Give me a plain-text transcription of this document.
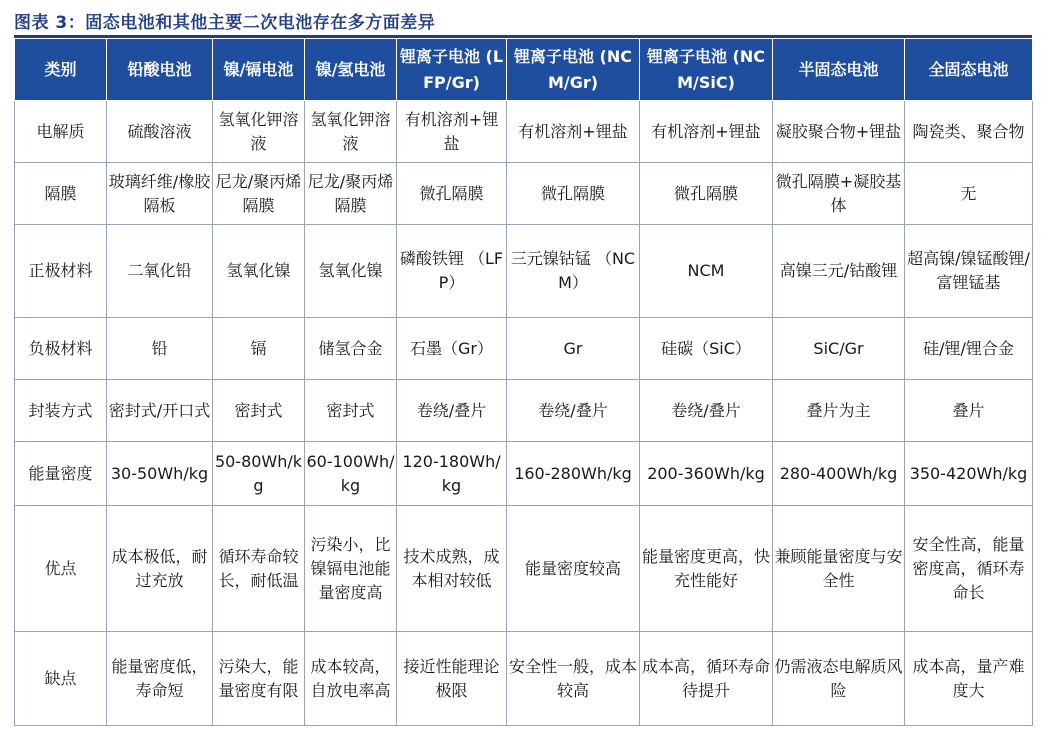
图表 3：固态电池和其他主要二次电池存在多方面差异
类别	铅酸电池	镍/镉电池	镍/氢电池	锂离子电池 (LFP/Gr)	锂离子电池 (NCM/Gr)	锂离子电池 (NCM/SiC)	半固态电池	全固态电池
电解质	硫酸溶液	氢氧化钾溶液	氢氧化钾溶液	有机溶剂+锂盐	有机溶剂+锂盐	有机溶剂+锂盐	凝胶聚合物+锂盐	陶瓷类、聚合物
隔膜	玻璃纤维/橡胶隔板	尼龙/聚丙烯隔膜	尼龙/聚丙烯隔膜	微孔隔膜	微孔隔膜	微孔隔膜	微孔隔膜+凝胶基体	无
正极材料	二氧化铅	氢氧化镍	氢氧化镍	磷酸铁锂 （LFP）	三元镍钴锰 （NCM）	NCM	高镍三元/钴酸锂	超高镍/镍锰酸锂/富锂锰基
负极材料	铅	镉	储氢合金	石墨（Gr）	Gr	硅碳（SiC）	SiC/Gr	硅/锂/锂合金
封装方式	密封式/开口式	密封式	密封式	卷绕/叠片	卷绕/叠片	卷绕/叠片	叠片为主	叠片
能量密度	30-50Wh/kg	50-80Wh/kg	60-100Wh/kg	120-180Wh/kg	160-280Wh/kg	200-360Wh/kg	280-400Wh/kg	350-420Wh/kg
优点	成本极低，耐过充放	循环寿命较长，耐低温	污染小，比镍镉电池能量密度高	技术成熟，成本相对较低	能量密度较高	能量密度更高，快充性能好	兼顾能量密度与安全性	安全性高，能量密度高，循环寿命长
缺点	能量密度低，寿命短	污染大，能量密度有限	成本较高，自放电率高	接近性能理论极限	安全性一般，成本较高	成本高，循环寿命待提升	仍需液态电解质风险	成本高，量产难度大
